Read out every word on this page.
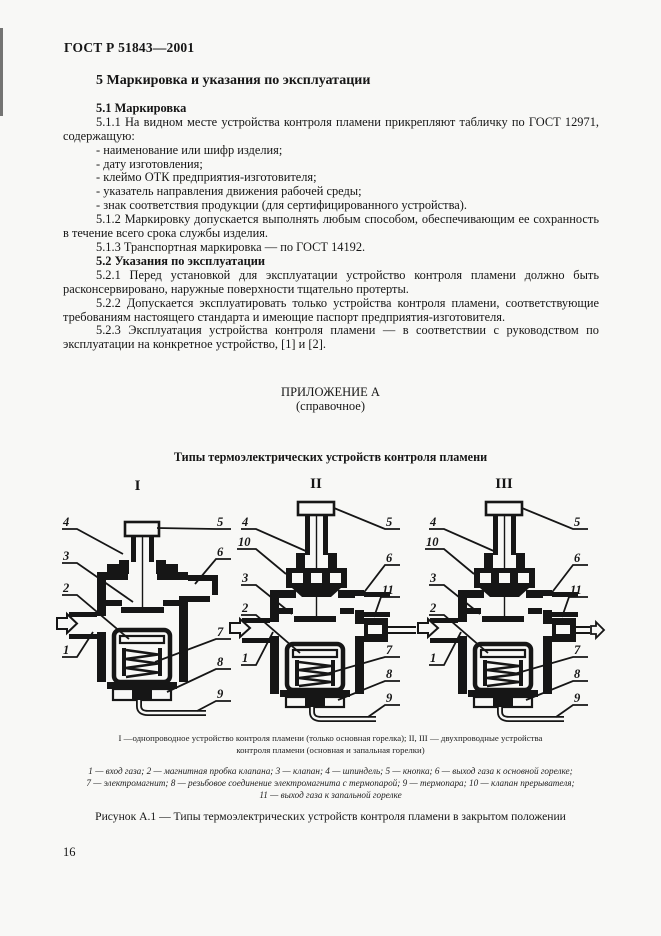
ГОСТ Р 51843—2001
5 Маркировка и указания по эксплуатации

5.1 Маркировка

5.1.1 На видном месте устройства контроля пламени прикрепляют табличку по ГОСТ 12971, содержащую:

- наименование или шифр изделия;

- дату изготовления;

- клеймо ОТК предприятия-изготовителя;

- указатель направления движения рабочей среды;

- знак соответствия продукции (для сертифицированного устройства).

5.1.2 Маркировку допускается выполнять любым способом, обеспечивающим ее сохранность в течение всего срока службы изделия.

5.1.3 Транспортная маркировка — по ГОСТ 14192.

5.2 Указания по эксплуатации

5.2.1 Перед установкой для эксплуатации устройство контроля пламени должно быть расконсервировано, наружные поверхности тщательно протерты.

5.2.2 Допускается эксплуатировать только устройства контроля пламени, соответствующие требованиям настоящего стандарта и имеющие паспорт предприятия-изготовителя.

5.2.3 Эксплуатация устройства контроля пламени — в соответствии с руководством по эксплуатации на конкретное устройство, [1] и [2].

ПРИЛОЖЕНИЕ А
(справочное)
Типы термоэлектрических устройств контроля пламени
I
4
3
2
1
5
6
7
8
9
II
4
10
3
2
1
5
6
11
7
8
9
III
4
10
3
2
1
5
6
11
7
8
9
I —однопроводное устройство контроля пламени (только основная горелка); II, III — двухпроводные устройства
контроля пламени (основная и запальная горелки)
1 — вход газа; 2 — магнитная пробка клапана; 3 — клапан; 4 — шпиндель; 5 — кнопка; 6 — выход газа к основной горелке;
7 — электромагнит; 8 — резьбовое соединение электромагнита с термопарой; 9 — термопара; 10 — клапан прерывателя;
11 — выход газа к запальной горелке
Рисунок А.1 — Типы термоэлектрических устройств контроля пламени в закрытом положении
16
